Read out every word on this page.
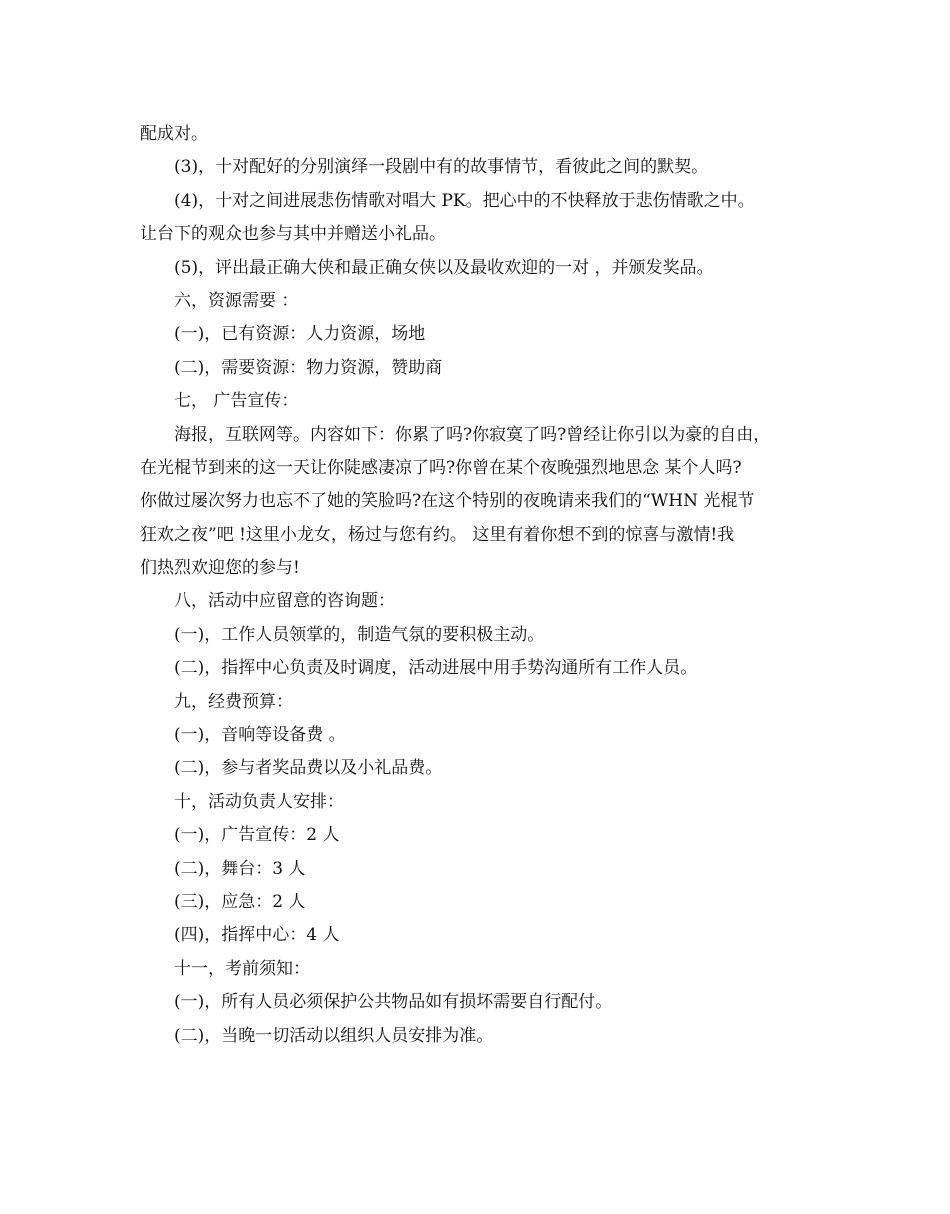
配成对。
(3)，十对配好的分别演绎一段剧中有的故事情节，看彼此之间的默契。
(4)，十对之间进展悲伤情歌对唱大 PK。把心中的不快释放于悲伤情歌之中。
让台下的观众也参与其中并赠送小礼品。
(5)，评出最正确大侠和最正确女侠以及最收欢迎的一对 ，并颁发奖品。
六，资源需要 ：
(一)，已有资源：人力资源，场地
(二)，需要资源：物力资源，赞助商
七， 广告宣传：
海报，互联网等。内容如下：你累了吗?你寂寞了吗?曾经让你引以为豪的自由，
在光棍节到来的这一天让你陡感凄凉了吗?你曾在某个夜晚强烈地思念 某个人吗?
你做过屡次努力也忘不了她的笑脸吗?在这个特别的夜晚请来我们的“WHN 光棍节
狂欢之夜”吧 !这里小龙女，杨过与您有约。 这里有着你想不到的惊喜与激情!我
们热烈欢迎您的参与!
八，活动中应留意的咨询题：
(一)，工作人员领掌的，制造气氛的要积极主动。
(二)，指挥中心负责及时调度，活动进展中用手势沟通所有工作人员。
九，经费预算：
(一)，音响等设备费 。
(二)，参与者奖品费以及小礼品费。
十，活动负责人安排：
(一)，广告宣传：2 人
(二)，舞台：3 人
(三)，应急：2 人
(四)，指挥中心：4 人
十一，考前须知：
(一)，所有人员必须保护公共物品如有损坏需要自行配付。
(二)，当晚一切活动以组织人员安排为准。
